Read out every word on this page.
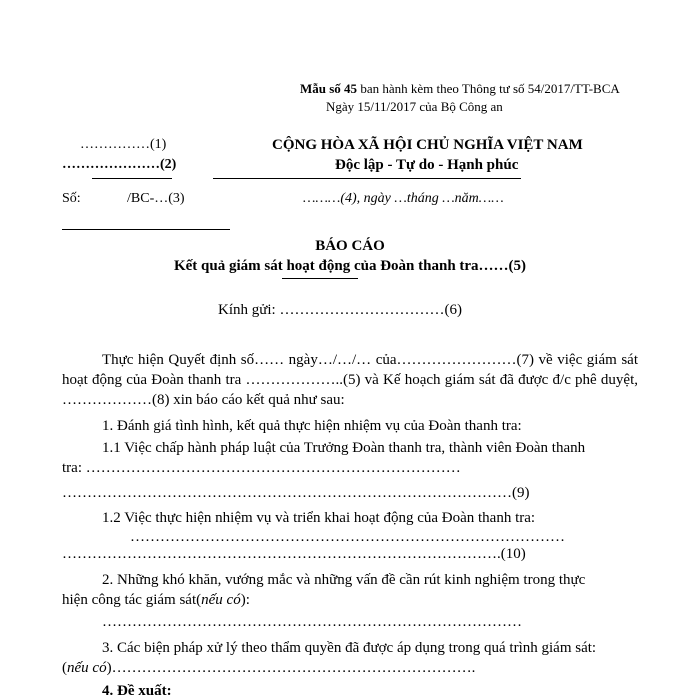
Mẫu số 45 ban hành kèm theo Thông tư số 54/2017/TT-BCA
Ngày 15/11/2017 của Bộ Công an
……………(1)
…………………(2)
CỘNG HÒA XÃ HỘI CHỦ NGHĨA VIỆT NAM
Độc lập - Tự do - Hạnh phúc
Số:	/BC-…(3)	………(4), ngày …tháng …năm……
BÁO CÁO
Kết quả giám sát hoạt động của Đoàn thanh tra……(5)
Kính gửi: ……………………………(6)
Thực hiện Quyết định số…… ngày…/…/… của……………………(7) về việc giám sát hoạt động của Đoàn thanh tra ………………..(5) và Kế hoạch giám sát đã được đ/c phê duyệt, ………………(8) xin báo cáo kết quả như sau:
1. Đánh giá tình hình, kết quả thực hiện nhiệm vụ của Đoàn thanh tra:
1.1 Việc chấp hành pháp luật của Trưởng Đoàn thanh tra, thành viên Đoàn thanh
tra: …………………………………………………………………
………………………………………………………………………………(9)
1.2 Việc thực hiện nhiệm vụ và triển khai hoạt động của Đoàn thanh tra:
……………………………………………………………………………
…………………………………………………………………………….(10)
2. Những khó khăn, vướng mắc và những vấn đề cần rút kinh nghiệm trong thực
hiện công tác giám sát(nếu có):
…………………………………………………………………………
3. Các biện pháp xử lý theo thẩm quyền đã được áp dụng trong quá trình giám sát:
(nếu có)……………………………………………………………….
4. Đề xuất:
